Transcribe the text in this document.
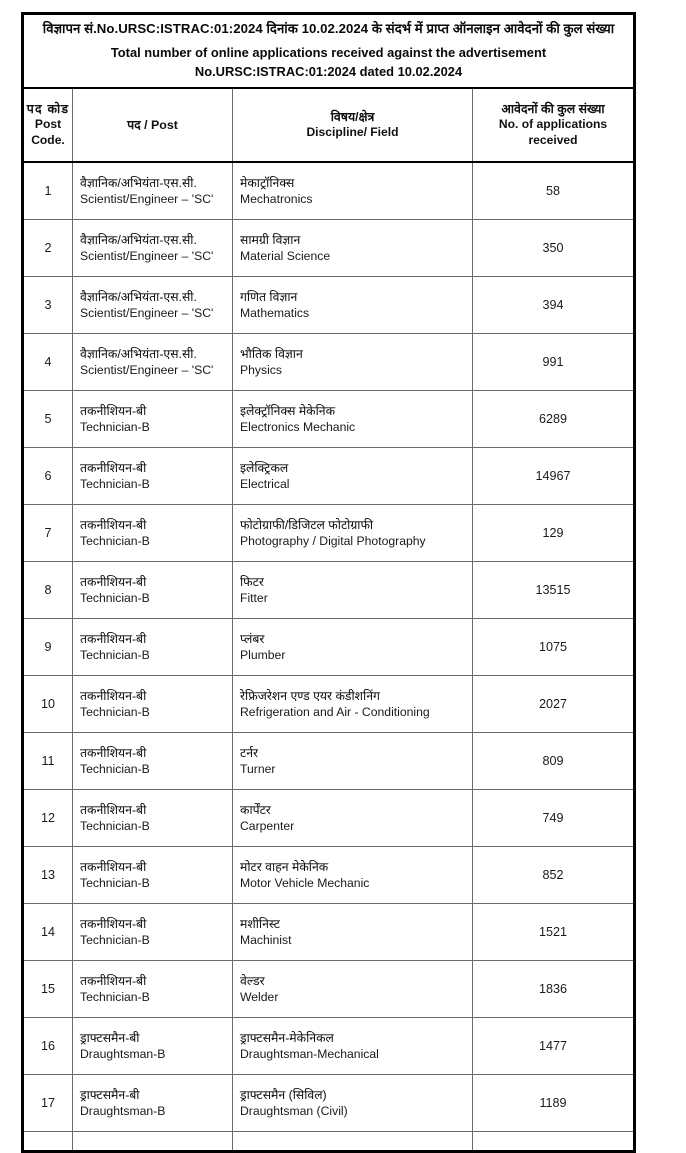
विज्ञापन सं.No.URSC:ISTRAC:01:2024 दिनांक 10.02.2024 के संदर्भ में प्राप्त ऑनलाइन आवेदनों की कुल संख्या
Total number of online applications received against the advertisement
No.URSC:ISTRAC:01:2024 dated 10.02.2024			

पद कोड
Post Code.	पद / Post	विषय/क्षेत्र
Discipline/ Field	आवेदनों की कुल संख्या
No. of applications received

1	वैज्ञानिक/अभियंता-एस.सी.
Scientist/Engineer – 'SC'	मेकाट्रॉनिक्स
Mechatronics	58
2	वैज्ञानिक/अभियंता-एस.सी.
Scientist/Engineer – 'SC'	सामग्री विज्ञान
Material Science	350
3	वैज्ञानिक/अभियंता-एस.सी.
Scientist/Engineer – 'SC'	गणित विज्ञान
Mathematics	394
4	वैज्ञानिक/अभियंता-एस.सी.
Scientist/Engineer – 'SC'	भौतिक विज्ञान
Physics	991
5	तकनीशियन-बी
Technician-B	इलेक्ट्रॉनिक्स मेकेनिक
Electronics Mechanic	6289
6	तकनीशियन-बी
Technician-B	इलेक्ट्रिकल
Electrical	14967
7	तकनीशियन-बी
Technician-B	फोटोग्राफी/डिजिटल फोटोग्राफी
Photography / Digital Photography	129
8	तकनीशियन-बी
Technician-B	फिटर
Fitter	13515
9	तकनीशियन-बी
Technician-B	प्लंबर
Plumber	1075
10	तकनीशियन-बी
Technician-B	रेफ्रिजरेशन एण्ड एयर कंडीशनिंग
Refrigeration and Air - Conditioning	2027
11	तकनीशियन-बी
Technician-B	टर्नर
Turner	809
12	तकनीशियन-बी
Technician-B	कार्पेंटर
Carpenter	749
13	तकनीशियन-बी
Technician-B	मोटर वाहन मेकेनिक
Motor Vehicle Mechanic	852
14	तकनीशियन-बी
Technician-B	मशीनिस्ट
Machinist	1521
15	तकनीशियन-बी
Technician-B	वेल्डर
Welder	1836
16	ड्राफ्टसमैन-बी
Draughtsman-B	ड्राफ्टसमैन-मेकेनिकल
Draughtsman-Mechanical	1477
17	ड्राफ्टसमैन-बी
Draughtsman-B	ड्राफ्टसमैन (सिविल)
Draughtsman (Civil)	1189
